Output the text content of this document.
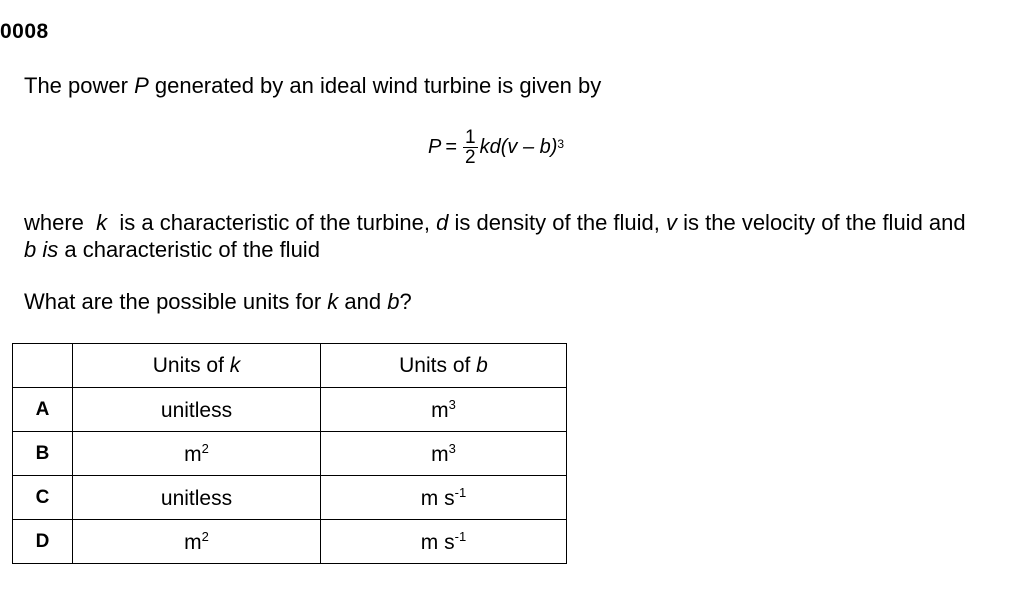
0008
The power P generated by an ideal wind turbine is given by
$P = \frac{1}{2} kd(v - b)^3$
where  k  is a characteristic of the turbine, d is density of the fluid, v is the velocity of the fluid and
b is a characteristic of the fluid
What are the possible units for k and b?
	Units of k	Units of b
A	unitless	$m^3$
B	$m^2$	$m^3$
C	unitless	m $s^{-1}$
D	$m^2$	m $s^{-1}$
